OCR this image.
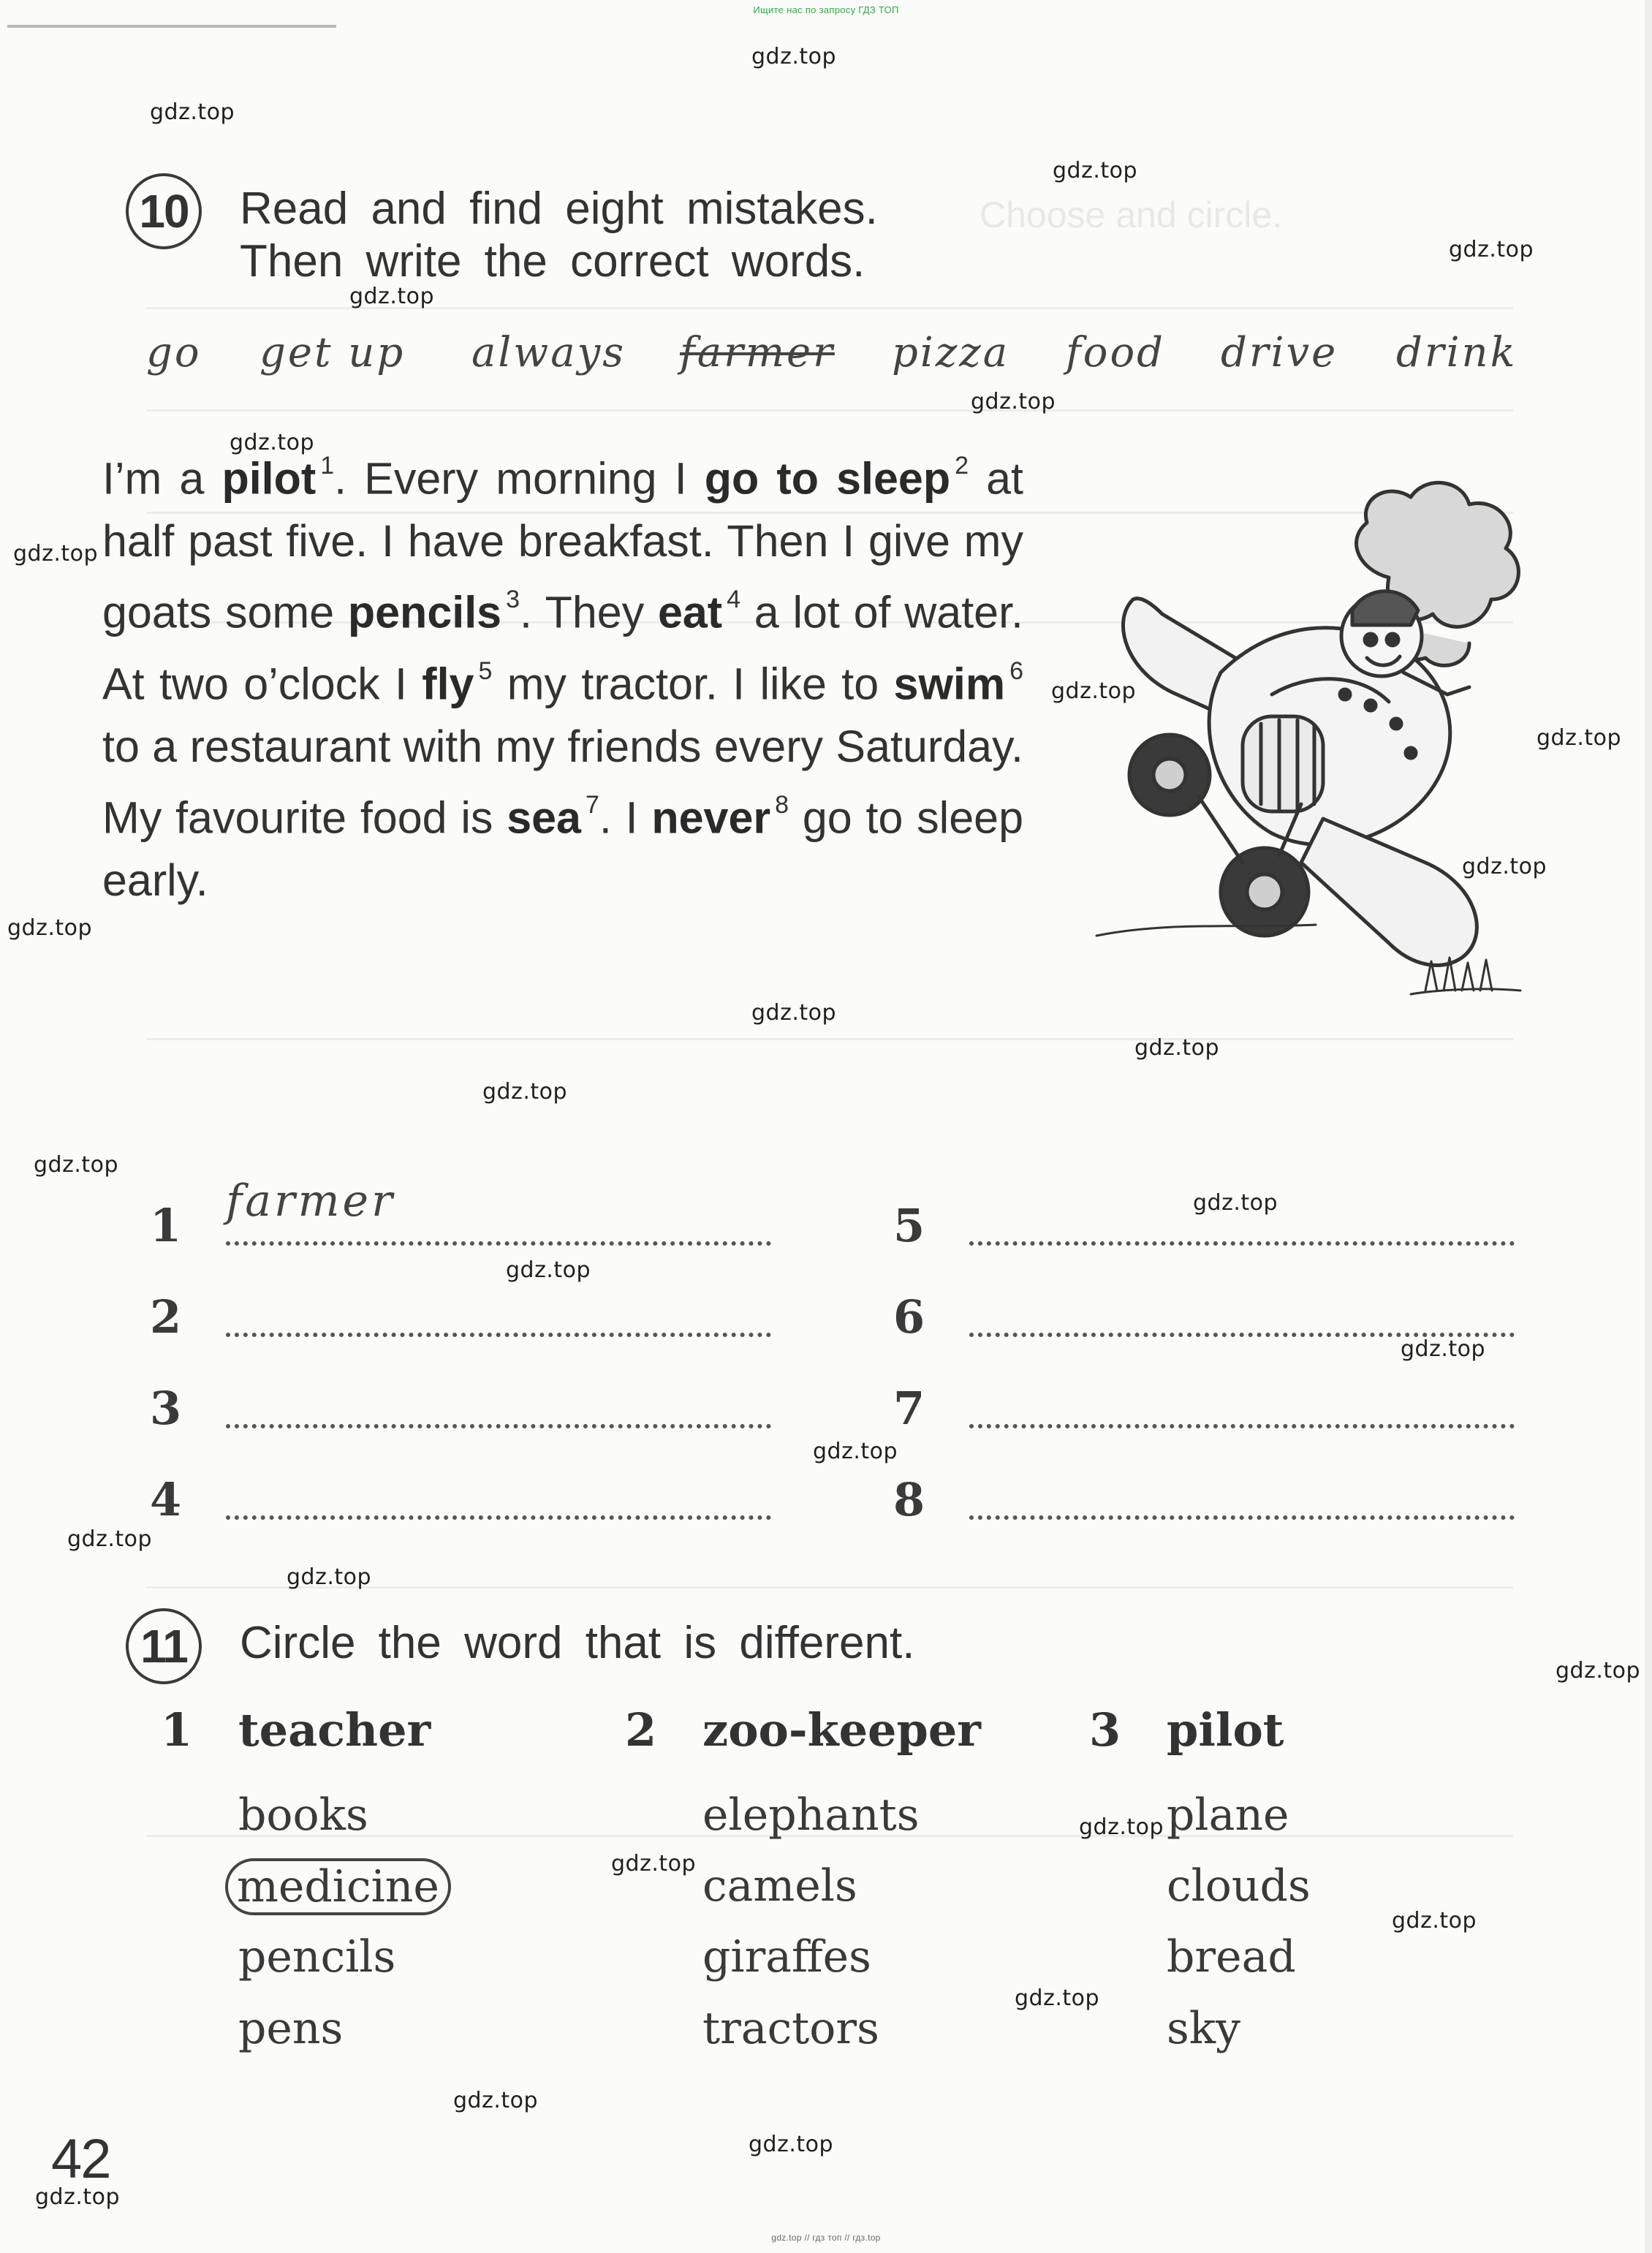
Choose and circle.
Ищите нас по запросу ГДЗ ТОП
10 Read and find eight mistakes.
Then write the correct words.
go get up always farmer pizza food drive drink
I’m a pilot $^1$. Every morning I go to sleep $^2$ at half past five. I have breakfast. Then I give my goats some pencils $^3$. They eat $^4$ a lot of water. At two o’clock I fly $^5$ my tractor. I like to swim $^6$ to a restaurant with my friends every Saturday. My favourite food is sea $^7$. I never $^8$ go to sleep early.
1 farmer
2
3
4
5
6
7
8
11	Circle the word that is different.
1 teacher
books
medicine
pencils
pens
2 zoo-keeper
elephants
camels
giraffes
tractors
3 pilot
plane
clouds
bread
sky
42
gdz.top
gdz.top
gdz.top
gdz.top
gdz.top
gdz.top
gdz.top
gdz.top
gdz.top
gdz.top
gdz.top
gdz.top
gdz.top
gdz.top
gdz.top
gdz.top
gdz.top
gdz.top
gdz.top
gdz.top
gdz.top
gdz.top
gdz.top
gdz.top
gdz.top
gdz.top
gdz.top
gdz.top
gdz.top
gdz.top
gdz.top // гдз топ // гдз.top
